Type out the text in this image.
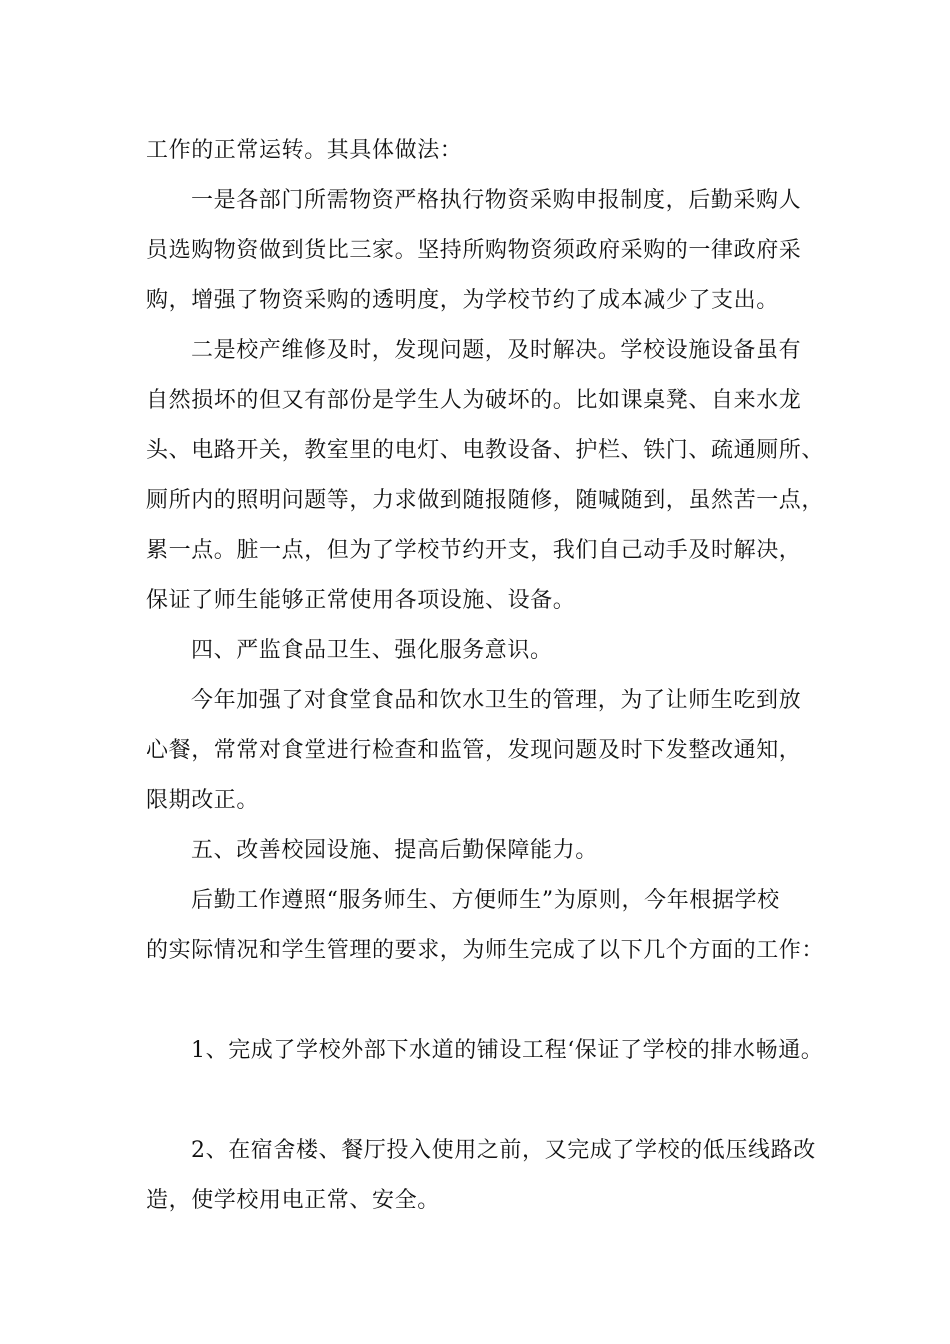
工作的正常运转。其具体做法：
一是各部门所需物资严格执行物资采购申报制度，后勤采购人
员选购物资做到货比三家。坚持所购物资须政府采购的一律政府采
购，增强了物资采购的透明度，为学校节约了成本减少了支出。
二是校产维修及时，发现问题，及时解决。学校设施设备虽有
自然损坏的但又有部份是学生人为破坏的。比如课桌凳、自来水龙
头、电路开关，教室里的电灯、电教设备、护栏、铁门、疏通厕所、
厕所内的照明问题等，力求做到随报随修，随喊随到，虽然苦一点，
累一点。脏一点，但为了学校节约开支，我们自己动手及时解决，
保证了师生能够正常使用各项设施、设备。
四、严监食品卫生、强化服务意识。
今年加强了对食堂食品和饮水卫生的管理，为了让师生吃到放
心餐，常常对食堂进行检查和监管，发现问题及时下发整改通知，
限期改正。
五、改善校园设施、提高后勤保障能力。
后勤工作遵照“服务师生、方便师生”为原则，今年根据学校
的实际情况和学生管理的要求，为师生完成了以下几个方面的工作：
1、完成了学校外部下水道的铺设工程‘保证了学校的排水畅通。
2、在宿舍楼、餐厅投入使用之前，又完成了学校的低压线路改
造，使学校用电正常、安全。
